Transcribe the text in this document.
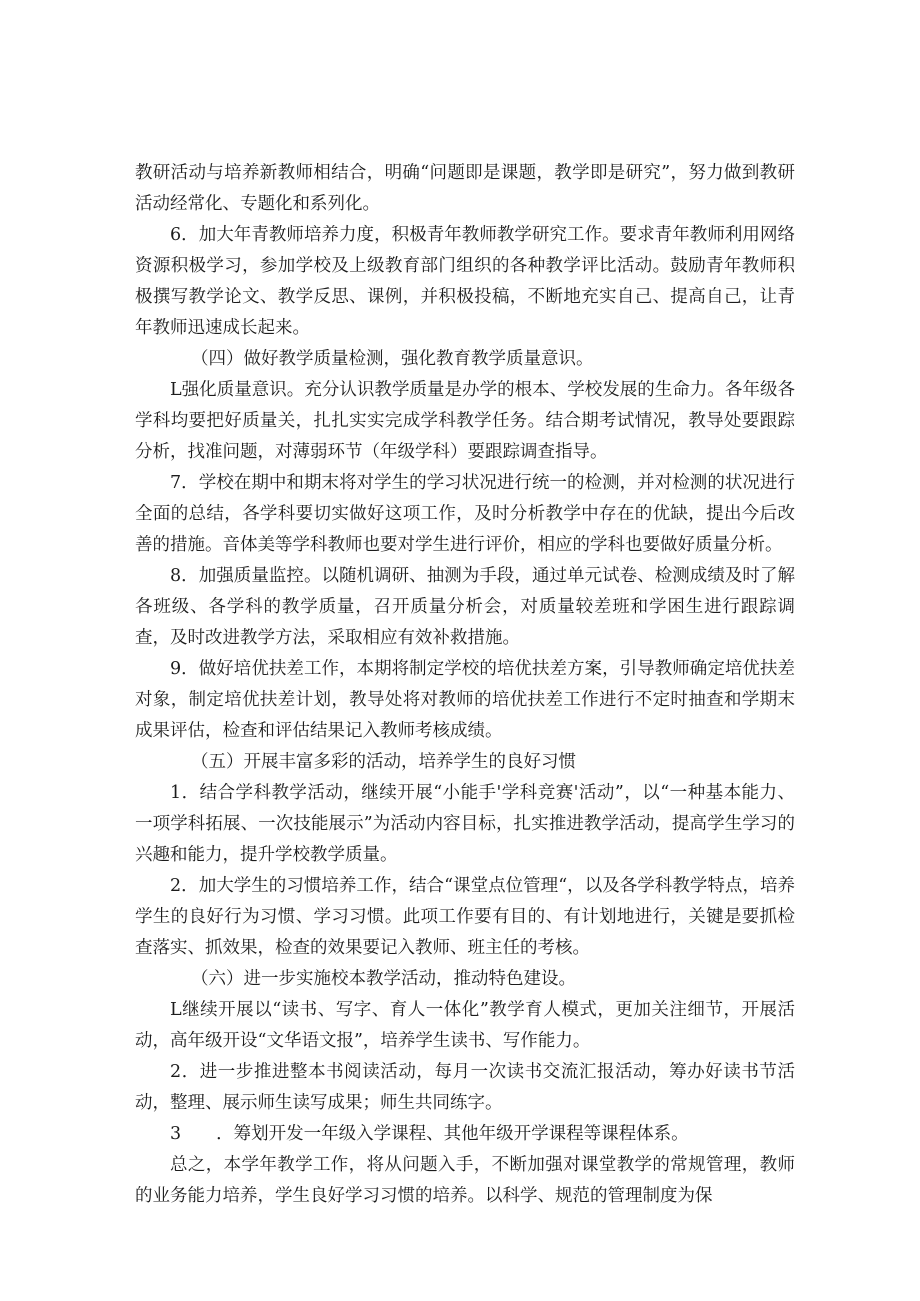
教研活动与培养新教师相结合，明确“问题即是课题，教学即是研究”，努力做到教研活动经常化、专题化和系列化。

6．加大年青教师培养力度，积极青年教师教学研究工作。要求青年教师利用网络资源积极学习，参加学校及上级教育部门组织的各种教学评比活动。鼓励青年教师积极撰写教学论文、教学反思、课例，并积极投稿，不断地充实自己、提高自己，让青年教师迅速成长起来。

（四）做好教学质量检测，强化教育教学质量意识。

L强化质量意识。充分认识教学质量是办学的根本、学校发展的生命力。各年级各学科均要把好质量关，扎扎实实完成学科教学任务。结合期考试情况，教导处要跟踪分析，找准问题，对薄弱环节（年级学科）要跟踪调查指导。

7．学校在期中和期末将对学生的学习状况进行统一的检测，并对检测的状况进行全面的总结，各学科要切实做好这项工作，及时分析教学中存在的优缺，提出今后改善的措施。音体美等学科教师也要对学生进行评价，相应的学科也要做好质量分析。

8．加强质量监控。以随机调研、抽测为手段，通过单元试卷、检测成绩及时了解各班级、各学科的教学质量，召开质量分析会，对质量较差班和学困生进行跟踪调查，及时改进教学方法，采取相应有效补救措施。

9．做好培优扶差工作，本期将制定学校的培优扶差方案，引导教师确定培优扶差对象，制定培优扶差计划，教导处将对教师的培优扶差工作进行不定时抽查和学期末成果评估，检查和评估结果记入教师考核成绩。

（五）开展丰富多彩的活动，培养学生的良好习惯

1．结合学科教学活动，继续开展“小能手'学科竞赛'活动”，以“一种基本能力、一项学科拓展、一次技能展示”为活动内容目标，扎实推进教学活动，提高学生学习的兴趣和能力，提升学校教学质量。

2．加大学生的习惯培养工作，结合“课堂点位管理“，以及各学科教学特点，培养学生的良好行为习惯、学习习惯。此项工作要有目的、有计划地进行，关键是要抓检查落实、抓效果，检查的效果要记入教师、班主任的考核。

（六）进一步实施校本教学活动，推动特色建设。

L继续开展以“读书、写字、育人一体化”教学育人模式，更加关注细节，开展活动，高年级开设“文华语文报”，培养学生读书、写作能力。

2．进一步推进整本书阅读活动，每月一次读书交流汇报活动，筹办好读书节活动，整理、展示师生读写成果；师生共同练字。

3　　．筹划开发一年级入学课程、其他年级开学课程等课程体系。

总之，本学年教学工作，将从问题入手，不断加强对课堂教学的常规管理，教师的业务能力培养，学生良好学习习惯的培养。以科学、规范的管理制度为保
